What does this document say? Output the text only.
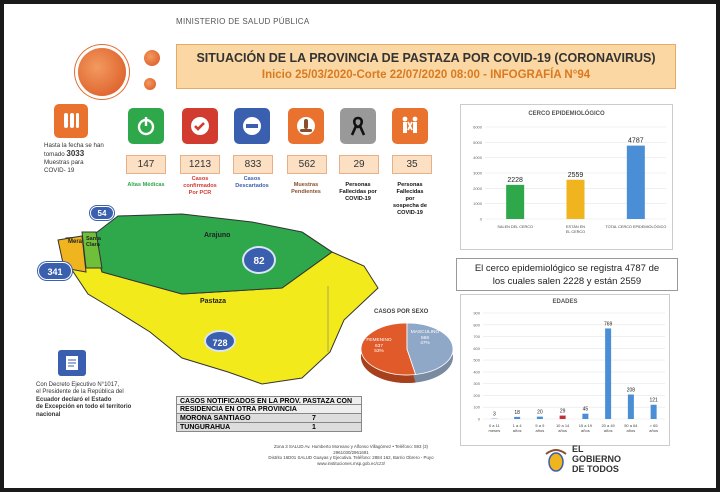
MINISTERIO DE SALUD PÚBLICA
SITUACIÓN DE LA PROVINCIA DE PASTAZA POR COVID-19 (CORONAVIRUS)
Inicio 25/03/2020-Corte 22/07/2020 08:00 - INFOGRAFÍA N°94
Hasta la fecha se han
tomado 3033
Muestras para
COVID- 19
147	1213	833	562	29	35
Altas Médicas
Casos
confirmados
Por PCR
Casos
Descartados	Muestras
Pendientes
Personas
Fallecidas por
COVID-19
Personas
Fallecidas
por
sospecha de
COVID-19
Arajuno
Pastaza
Mera Santa Clara
54
341
82
728
Con Decreto Ejecutivo N°1017,
el Presidente de la República del
Ecuador declaró el Estado
de Excepción en todo el territorio
nacional
CASOS POR SEXO
FEMENINO
637
53%
MASCULINO
566
47%
CASOS NOTIFICADOS EN LA PROV. PASTAZA CON
RESIDENCIA EN OTRA PROVINCIA
MORONA SANTIAGO	7
TUNGURAHUA	1
Zona 3 SALUD Av. Humberto Moreano y Alfonso Villagómez • Teléfono: 593 (3)
2961030/2961691
Distrito 16D01 SALUD Guayas y Ejecutiva. Teléfono: 2884 162, Barrio Obrero - Puyo
www.instituciones.msp.gob.ec/cz3/
CERCO EPIDEMIOLÓGICO
0
1000
2000
3000
4000
5000
6000
2228
SALEN DEL CERCO
2559
ESTÁN EN
EL CERCO
4787
TOTAL CERCO EPIDEMIOLÓGICO
El cerco epidemiológico se registra 4787 de
los cuales salen 2228 y están 2559
EDADES
0
100
200
300
400
500
600
700
800
900
3
0 a 11
meses
18
1 a 4
años
20
5 a 9
años
29
10 a 14
años
45
15 a 19
años
769
20 a 49
años
208
50 a 64
años
121
> 65
años
EL
GOBIERNO
DE TODOS
